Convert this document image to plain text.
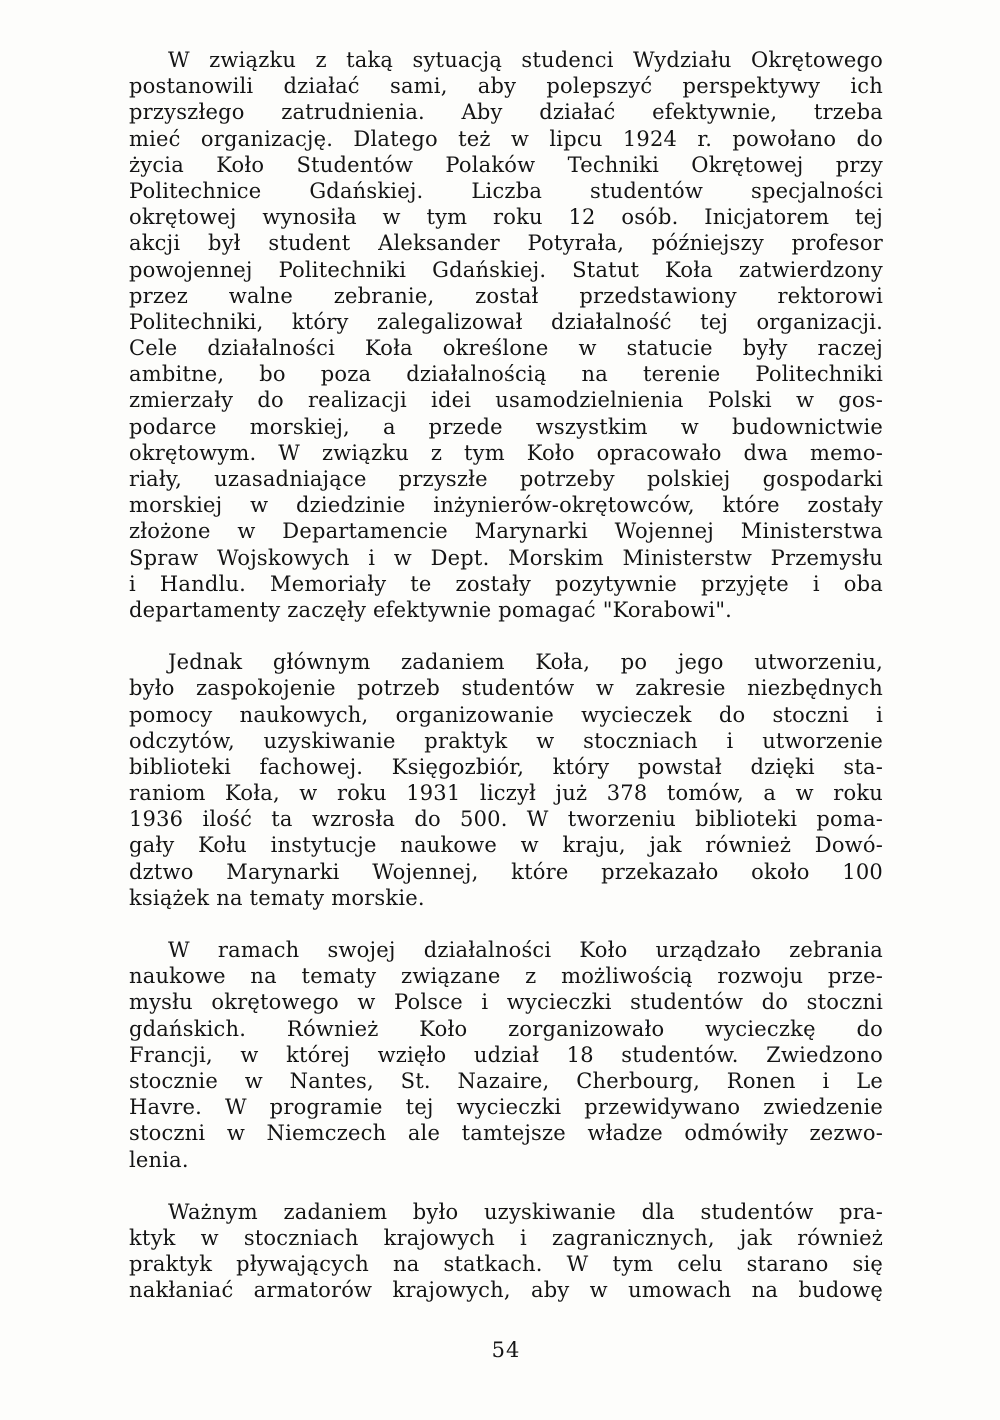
W związku z taką sytuacją studenci Wydziału Okrętowego
postanowili działać sami, aby polepszyć perspektywy ich
przyszłego zatrudnienia. Aby działać efektywnie, trzeba
mieć organizację. Dlatego też w lipcu 1924 r. powołano do
życia Koło Studentów Polaków Techniki Okrętowej przy
Politechnice Gdańskiej. Liczba studentów specjalności
okrętowej wynosiła w tym roku 12 osób. Inicjatorem tej
akcji był student Aleksander Potyrała, późniejszy profesor
powojennej Politechniki Gdańskiej. Statut Koła zatwierdzony
przez walne zebranie, został przedstawiony rektorowi
Politechniki, który zalegalizował działalność tej organizacji.
Cele działalności Koła określone w statucie były raczej
ambitne, bo poza działalnością na terenie Politechniki
zmierzały do realizacji idei usamodzielnienia Polski w gos-
podarce morskiej, a przede wszystkim w budownictwie
okrętowym. W związku z tym Koło opracowało dwa memo-
riały, uzasadniające przyszłe potrzeby polskiej gospodarki
morskiej w dziedzinie inżynierów-okrętowców, które zostały
złożone w Departamencie Marynarki Wojennej Ministerstwa
Spraw Wojskowych i w Dept. Morskim Ministerstw Przemysłu
i Handlu. Memoriały te zostały pozytywnie przyjęte i oba
departamenty zaczęły efektywnie pomagać "Korabowi".
Jednak głównym zadaniem Koła, po jego utworzeniu,
było zaspokojenie potrzeb studentów w zakresie niezbędnych
pomocy naukowych, organizowanie wycieczek do stoczni i
odczytów, uzyskiwanie praktyk w stoczniach i utworzenie
biblioteki fachowej. Księgozbiór, który powstał dzięki sta-
raniom Koła, w roku 1931 liczył już 378 tomów, a w roku
1936 ilość ta wzrosła do 500. W tworzeniu biblioteki poma-
gały Kołu instytucje naukowe w kraju, jak również Dowó-
dztwo Marynarki Wojennej, które przekazało około 100
książek na tematy morskie.
W ramach swojej działalności Koło urządzało zebrania
naukowe na tematy związane z możliwością rozwoju prze-
mysłu okrętowego w Polsce i wycieczki studentów do stoczni
gdańskich. Również Koło zorganizowało wycieczkę do
Francji, w której wzięło udział 18 studentów. Zwiedzono
stocznie w Nantes, St. Nazaire, Cherbourg, Ronen i Le
Havre. W programie tej wycieczki przewidywano zwiedzenie
stoczni w Niemczech ale tamtejsze władze odmówiły zezwo-
lenia.
Ważnym zadaniem było uzyskiwanie dla studentów pra-
ktyk w stoczniach krajowych i zagranicznych, jak również
praktyk pływających na statkach. W tym celu starano się
nakłaniać armatorów krajowych, aby w umowach na budowę
54
